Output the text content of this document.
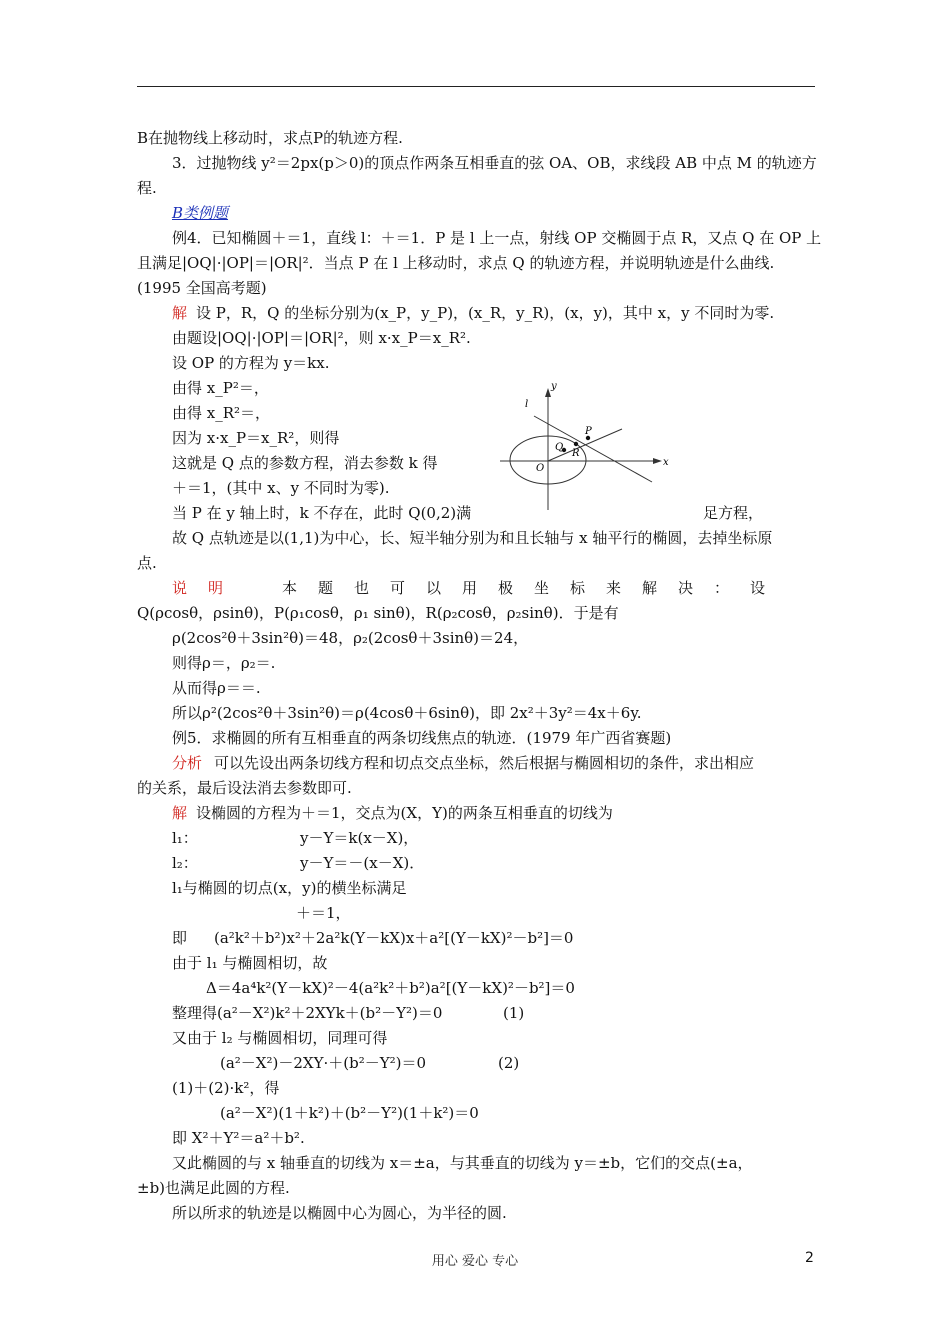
B在抛物线上移动时，求点P的轨迹方程.
3．过抛物线 y²＝2px(p＞0)的顶点作两条互相垂直的弦 OA、OB，求线段 AB 中点 M 的轨迹方
程.
B类例题
例4．已知椭圆＋＝1，直线 l：＋＝1．P 是 l 上一点，射线 OP 交椭圆于点 R，又点 Q 在 OP 上
且满足|OQ|·|OP|＝|OR|²．当点 P 在 l 上移动时，求点 Q 的轨迹方程，并说明轨迹是什么曲线.
(1995 全国高考题)
解 设 P，R，Q 的坐标分别为(x_P，y_P)，(x_R，y_R)，(x，y)，其中 x，y 不同时为零.
由题设|OQ|·|OP|＝|OR|²，则 x·x_P＝x_R².
设 OP 的方程为 y＝kx.
由得 x_P²＝，
由得 x_R²＝，
因为 x·x_P＝x_R²，则得
这就是 Q 点的参数方程，消去参数 k 得
＋＝1，(其中 x、y 不同时为零).
当 P 在 y 轴上时，k 不存在，此时 Q(0,2)满	足方程，
故 Q 点轨迹是以(1,1)为中心，长、短半轴分别为和且长轴与 x 轴平行的椭圆，去掉坐标原
点.
说明	本题也可以用极坐标来解决：设
Q(ρcosθ，ρsinθ)，P(ρ₁cosθ，ρ₁ sinθ)，R(ρ₂cosθ，ρ₂sinθ)．于是有
ρ(2cos²θ＋3sin²θ)＝48，ρ₂(2cosθ＋3sinθ)＝24，
则得ρ＝，ρ₂＝.
从而得ρ＝＝.
所以ρ²(2cos²θ＋3sin²θ)＝ρ(4cosθ＋6sinθ)，即 2x²＋3y²＝4x＋6y.
例5．求椭圆的所有互相垂直的两条切线焦点的轨迹．(1979 年广西省赛题)
分析 可以先设出两条切线方程和切点交点坐标，然后根据与椭圆相切的条件，求出相应
的关系，最后设法消去参数即可.
解 设椭圆的方程为＋＝1，交点为(X，Y)的两条互相垂直的切线为
l₁：	y－Y＝k(x－X)，
l₂：	y－Y＝－(x－X)．
l₁与椭圆的切点(x，y)的横坐标满足
＋＝1，
即 (a²k²＋b²)x²＋2a²k(Y－kX)x＋a²[(Y－kX)²－b²]＝0
由于 l₁ 与椭圆相切，故
Δ＝4a⁴k²(Y－kX)²－4(a²k²＋b²)a²[(Y－kX)²－b²]＝0
整理得(a²－X²)k²＋2XYk＋(b²－Y²)＝0	(1)
又由于 l₂ 与椭圆相切，同理可得
(a²－X²)－2XY·＋(b²－Y²)＝0	(2)
(1)＋(2)·k²，得
(a²－X²)(1＋k²)＋(b²－Y²)(1＋k²)＝0
即 X²＋Y²＝a²＋b².
又此椭圆的与 x 轴垂直的切线为 x＝±a，与其垂直的切线为 y＝±b，它们的交点(±a，
±b)也满足此圆的方程.
所以所求的轨迹是以椭圆中心为圆心，为半径的圆.
y
l
P
Q
R
O
x
用心 爱心 专心	2
